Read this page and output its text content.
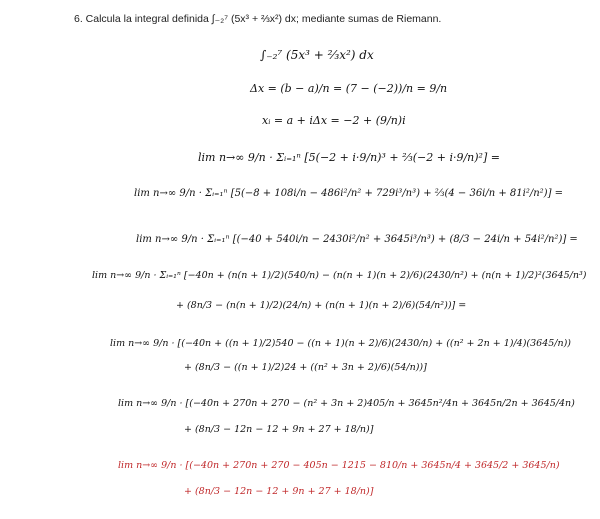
6. Calcula la integral definida ∫₋₂⁷ (5x³ + ⅔x²) dx; mediante sumas de Riemann.
∫₋₂⁷ (5x³ + ⅔x²) dx
Δx = (b − a)/n = (7 − (−2))/n = 9/n
xᵢ = a + iΔx = −2 + (9/n)i
lim n→∞ 9/n · Σᵢ₌₁ⁿ [5(−2 + i·9/n)³ + ⅔(−2 + i·9/n)²] =
lim n→∞ 9/n · Σᵢ₌₁ⁿ [5(−8 + 108i/n − 486i²/n² + 729i³/n³) + ⅔(4 − 36i/n + 81i²/n²)] =
lim n→∞ 9/n · Σᵢ₌₁ⁿ [(−40 + 540i/n − 2430i²/n² + 3645i³/n³) + (8/3 − 24i/n + 54i²/n²)] =
lim n→∞ 9/n · Σᵢ₌₁ⁿ [−40n + (n(n + 1)/2)(540/n) − (n(n + 1)(n + 2)/6)(2430/n²) + (n(n + 1)/2)²(3645/n³)
+ (8n/3 − (n(n + 1)/2)(24/n) + (n(n + 1)(n + 2)/6)(54/n²))] =
lim n→∞ 9/n · [(−40n + ((n + 1)/2)540 − ((n + 1)(n + 2)/6)(2430/n) + ((n² + 2n + 1)/4)(3645/n))
+ (8n/3 − ((n + 1)/2)24 + ((n² + 3n + 2)/6)(54/n))]
lim n→∞ 9/n · [(−40n + 270n + 270 − (n² + 3n + 2)405/n + 3645n²/4n + 3645n/2n + 3645/4n)
+ (8n/3 − 12n − 12 + 9n + 27 + 18/n)]
lim n→∞ 9/n · [(−40n + 270n + 270 − 405n − 1215 − 810/n + 3645n/4 + 3645/2 + 3645/n)
+ (8n/3 − 12n − 12 + 9n + 27 + 18/n)]
